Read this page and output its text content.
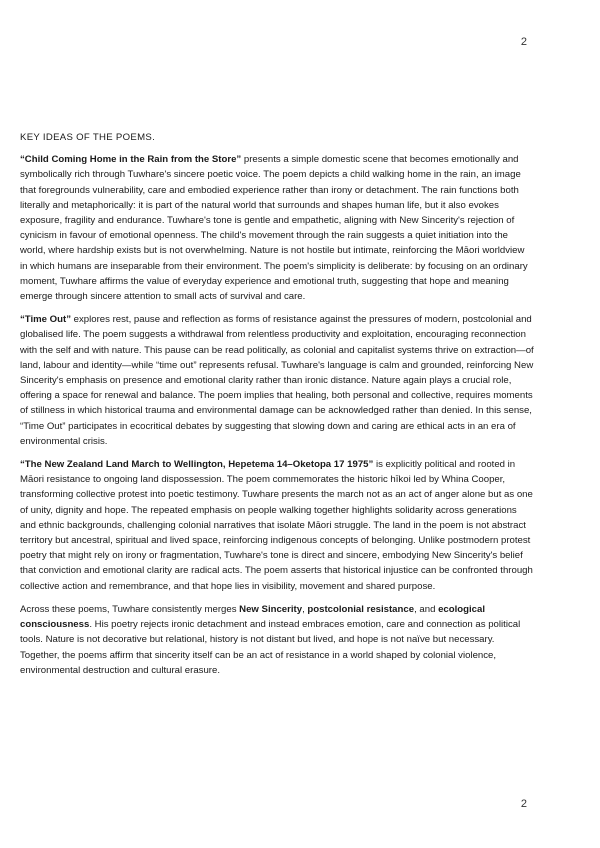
2
KEY IDEAS OF THE POEMS.

“Child Coming Home in the Rain from the Store” presents a simple domestic scene that becomes emotionally and symbolically rich through Tuwhare's sincere poetic voice. The poem depicts a child walking home in the rain, an image that foregrounds vulnerability, care and embodied experience rather than irony or detachment. The rain functions both literally and metaphorically: it is part of the natural world that surrounds and shapes human life, but it also evokes exposure, fragility and endurance. Tuwhare's tone is gentle and empathetic, aligning with New Sincerity's rejection of cynicism in favour of emotional openness. The child's movement through the rain suggests a quiet initiation into the world, where hardship exists but is not overwhelming. Nature is not hostile but intimate, reinforcing the Māori worldview in which humans are inseparable from their environment. The poem's simplicity is deliberate: by focusing on an ordinary moment, Tuwhare affirms the value of everyday experience and emotional truth, suggesting that hope and meaning emerge through sincere attention to small acts of survival and care.

“Time Out” explores rest, pause and reflection as forms of resistance against the pressures of modern, postcolonial and globalised life. The poem suggests a withdrawal from relentless productivity and exploitation, encouraging reconnection with the self and with nature. This pause can be read politically, as colonial and capitalist systems thrive on extraction—of land, labour and identity—while “time out” represents refusal. Tuwhare's language is calm and grounded, reinforcing New Sincerity's emphasis on presence and emotional clarity rather than ironic distance. Nature again plays a crucial role, offering a space for renewal and balance. The poem implies that healing, both personal and collective, requires moments of stillness in which historical trauma and environmental damage can be acknowledged rather than denied. In this sense, “Time Out” participates in ecocritical debates by suggesting that slowing down and caring are ethical acts in an era of environmental crisis.

“The New Zealand Land March to Wellington, Hepetema 14–Oketopa 17 1975” is explicitly political and rooted in Māori resistance to ongoing land dispossession. The poem commemorates the historic hīkoi led by Whina Cooper, transforming collective protest into poetic testimony. Tuwhare presents the march not as an act of anger alone but as one of unity, dignity and hope. The repeated emphasis on people walking together highlights solidarity across generations and ethnic backgrounds, challenging colonial narratives that isolate Māori struggle. The land in the poem is not abstract territory but ancestral, spiritual and lived space, reinforcing indigenous concepts of belonging. Unlike postmodern protest poetry that might rely on irony or fragmentation, Tuwhare's tone is direct and sincere, embodying New Sincerity's belief that conviction and emotional clarity are radical acts. The poem asserts that historical injustice can be confronted through collective action and remembrance, and that hope lies in visibility, movement and shared purpose.

Across these poems, Tuwhare consistently merges New Sincerity, postcolonial resistance, and ecological consciousness. His poetry rejects ironic detachment and instead embraces emotion, care and connection as political tools. Nature is not decorative but relational, history is not distant but lived, and hope is not naïve but necessary. Together, the poems affirm that sincerity itself can be an act of resistance in a world shaped by colonial violence, environmental destruction and cultural erasure.

2
